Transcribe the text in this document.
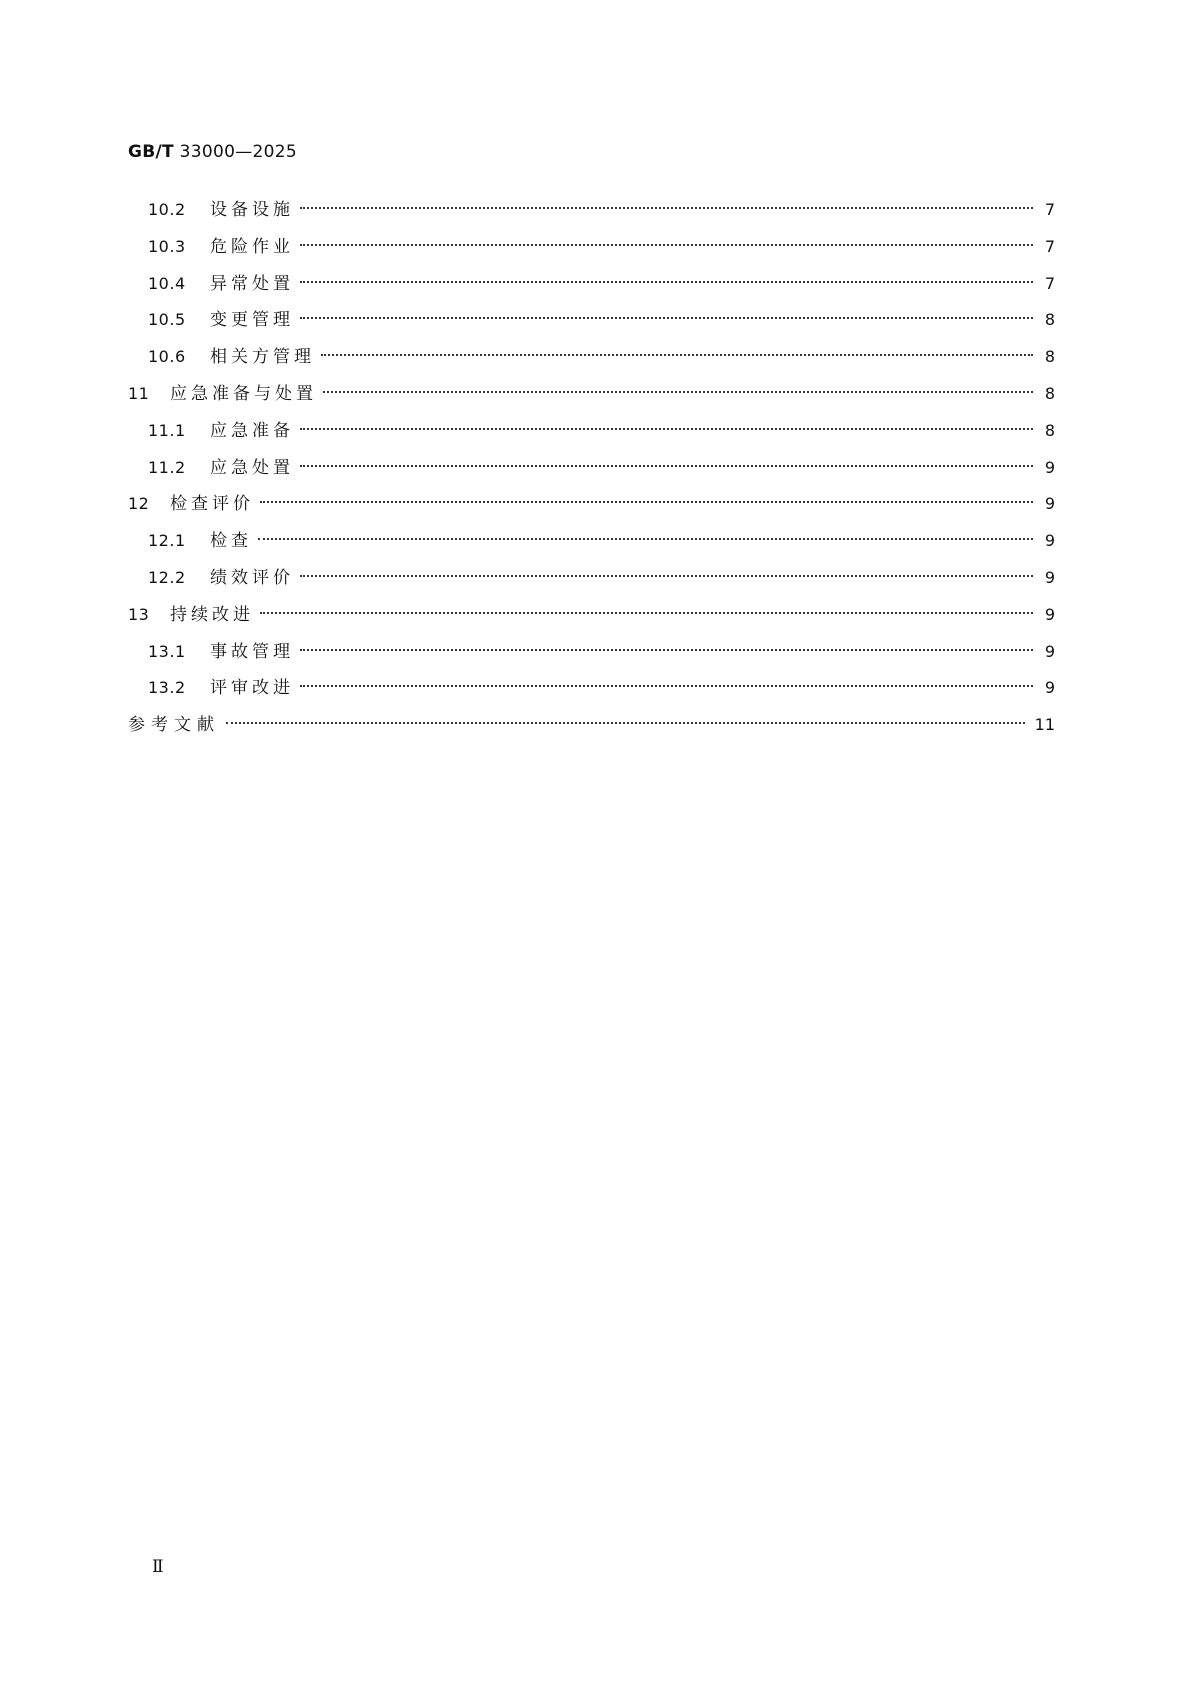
GB/T 33000—2025
10.2	设备设施	7
10.3	危险作业	7
10.4	异常处置	7
10.5	变更管理	8
10.6	相关方管理	8
11	应急准备与处置	8
11.1	应急准备	8
11.2	应急处置	9
12	检查评价	9
12.1	检查	9
12.2	绩效评价	9
13	持续改进	9
13.1	事故管理	9
13.2	评审改进	9
参考文献	11
Ⅱ
